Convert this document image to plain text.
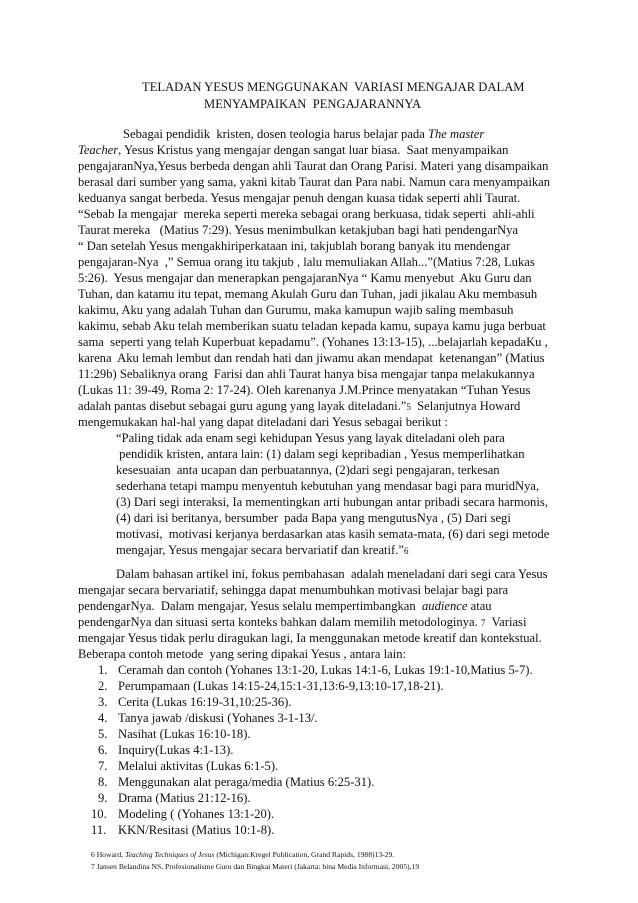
TELADAN YESUS MENGGUNAKAN  VARIASI MENGAJAR DALAM
MENYAMPAIKAN  PENGAJARANNYA
Sebagai pendidik  kristen, dosen teologia harus belajar pada The master
Teacher, Yesus Kristus yang mengajar dengan sangat luar biasa.  Saat menyampaikan
pengajaranNya,Yesus berbeda dengan ahli Taurat dan Orang Parisi. Materi yang disampaikan
berasal dari sumber yang sama, yakni kitab Taurat dan Para nabi. Namun cara menyampaikan
keduanya sangat berbeda. Yesus mengajar penuh dengan kuasa tidak seperti ahli Taurat.
“Sebab Ia mengajar  mereka seperti mereka sebagai orang berkuasa, tidak seperti  ahli-ahli
Taurat mereka   (Matius 7:29). Yesus menimbulkan ketakjuban bagi hati pendengarNya
“ Dan setelah Yesus mengakhiriperkataan ini, takjublah borang banyak itu mendengar
pengajaran-Nya  ,” Semua orang itu takjub , lalu memuliakan Allah...”(Matius 7:28, Lukas
5:26).  Yesus mengajar dan menerapkan pengajaranNya “ Kamu menyebut  Aku Guru dan
Tuhan, dan katamu itu tepat, memang Akulah Guru dan Tuhan, jadi jikalau Aku membasuh
kakimu, Aku yang adalah Tuhan dan Gurumu, maka kamupun wajib saling membasuh
kakimu, sebab Aku telah memberikan suatu teladan kepada kamu, supaya kamu juga berbuat
sama  seperti yang telah Kuperbuat kepadamu”. (Yohanes 13:13-15), ...belajarlah kepadaKu ,
karena  Aku lemah lembut dan rendah hati dan jiwamu akan mendapat  ketenangan” (Matius
11:29b) Sebaliknya orang  Farisi dan ahli Taurat hanya bisa mengajar tanpa melakukannya
(Lukas 11: 39-49, Roma 2: 17-24). Oleh karenanya J.M.Prince menyatakan “Tuhan Yesus
adalah pantas disebut sebagai guru agung yang layak diteladani.”5  Selanjutnya Howard
mengemukakan hal-hal yang dapat diteladani dari Yesus sebagai berikut :
“Paling tidak ada enam segi kehidupan Yesus yang layak diteladani oleh para
pendidik kristen, antara lain: (1) dalam segi kepribadian , Yesus memperlihatkan
kesesuaian  anta ucapan dan perbuatannya, (2)dari segi pengajaran, terkesan
sederhana tetapi mampu menyentuh kebutuhan yang mendasar bagi para muridNya,
(3) Dari segi interaksi, Ia mementingkan arti hubungan antar pribadi secara harmonis,
(4) dari isi beritanya, bersumber  pada Bapa yang mengutusNya , (5) Dari segi
motivasi,  motivasi kerjanya berdasarkan atas kasih semata-mata, (6) dari segi metode
mengajar, Yesus mengajar secara bervariatif dan kreatif.”6
Dalam bahasan artikel ini, fokus pembahasan  adalah meneladani dari segi cara Yesus
mengajar secara bervariatif, sehingga dapat menumbuhkan motivasi belajar bagi para
pendengarNya.  Dalam mengajar, Yesus selalu mempertimbangkan  audience atau
pendengarNya dan situasi serta konteks bahkan dalam memilih metodologinya. 7  Variasi
mengajar Yesus tidak perlu diragukan lagi, Ia menggunakan metode kreatif dan kontekstual.
Beberapa contoh metode  yang sering dipakai Yesus , antara lain:
1. Ceramah dan contoh (Yohanes 13:1-20, Lukas 14:1-6, Lukas 19:1-10,Matius 5-7).
2. Perumpamaan (Lukas 14:15-24,15:1-31,13:6-9,13:10-17,18-21).
3. Cerita (Lukas 16:19-31,10:25-36).
4. Tanya jawab /diskusi (Yohanes 3-1-13/.
5. Nasihat (Lukas 16:10-18).
6. Inquiry(Lukas 4:1-13).
7. Melalui aktivitas (Lukas 6:1-5).
8. Menggunakan alat peraga/media (Matius 6:25-31).
9. Drama (Matius 21:12-16).
10. Modeling ( (Yohanes 13:1-20).
11. KKN/Resitasi (Matius 10:1-8).
6 Howard, Teaching Techniques of Jesus (Michigan:Kregel Publication, Grand Rapids, 1988)13-29.
7 Jansen Belandina NS, Profesionalisme Guru dan Bingkai Materi (Jakarta: bina Media Informasi, 2005),19
